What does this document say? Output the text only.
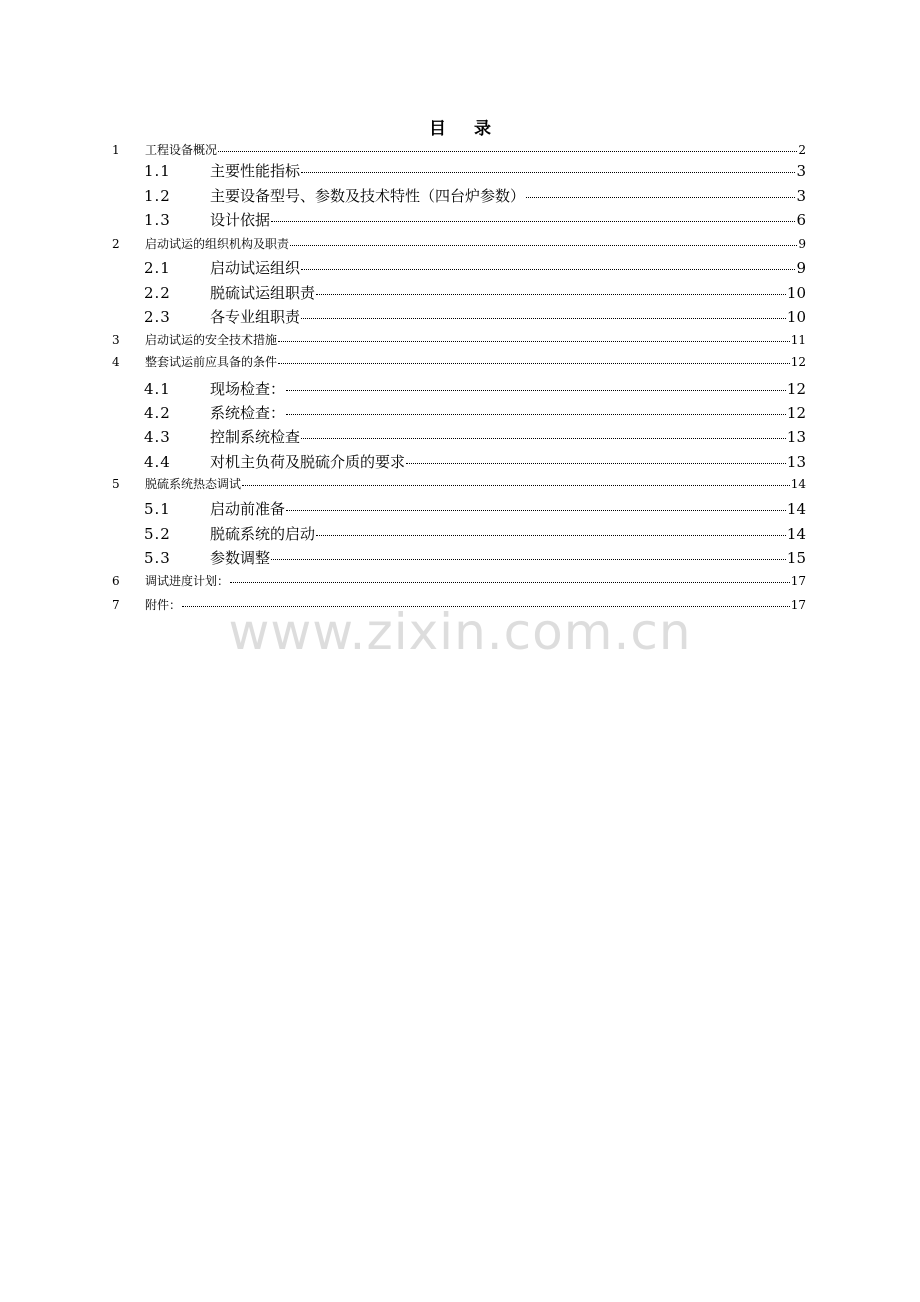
目 录
1	工程设备概况	2
1.1	主要性能指标	3
1.2	主要设备型号、参数及技术特性（四台炉参数）	3
1.3	设计依据	6
2	启动试运的组织机构及职责	9
2.1	启动试运组织	9
2.2	脱硫试运组职责	10
2.3	各专业组职责	10
3	启动试运的安全技术措施	11
4	整套试运前应具备的条件	12
4.1	现场检查：	12
4.2	系统检查：	12
4.3	控制系统检查	13
4.4	对机主负荷及脱硫介质的要求	13
5	脱硫系统热态调试	14
5.1	启动前准备	14
5.2	脱硫系统的启动	14
5.3	参数调整	15
6	调试进度计划：	17
7	附件：	17
www.zixin.com.cn
